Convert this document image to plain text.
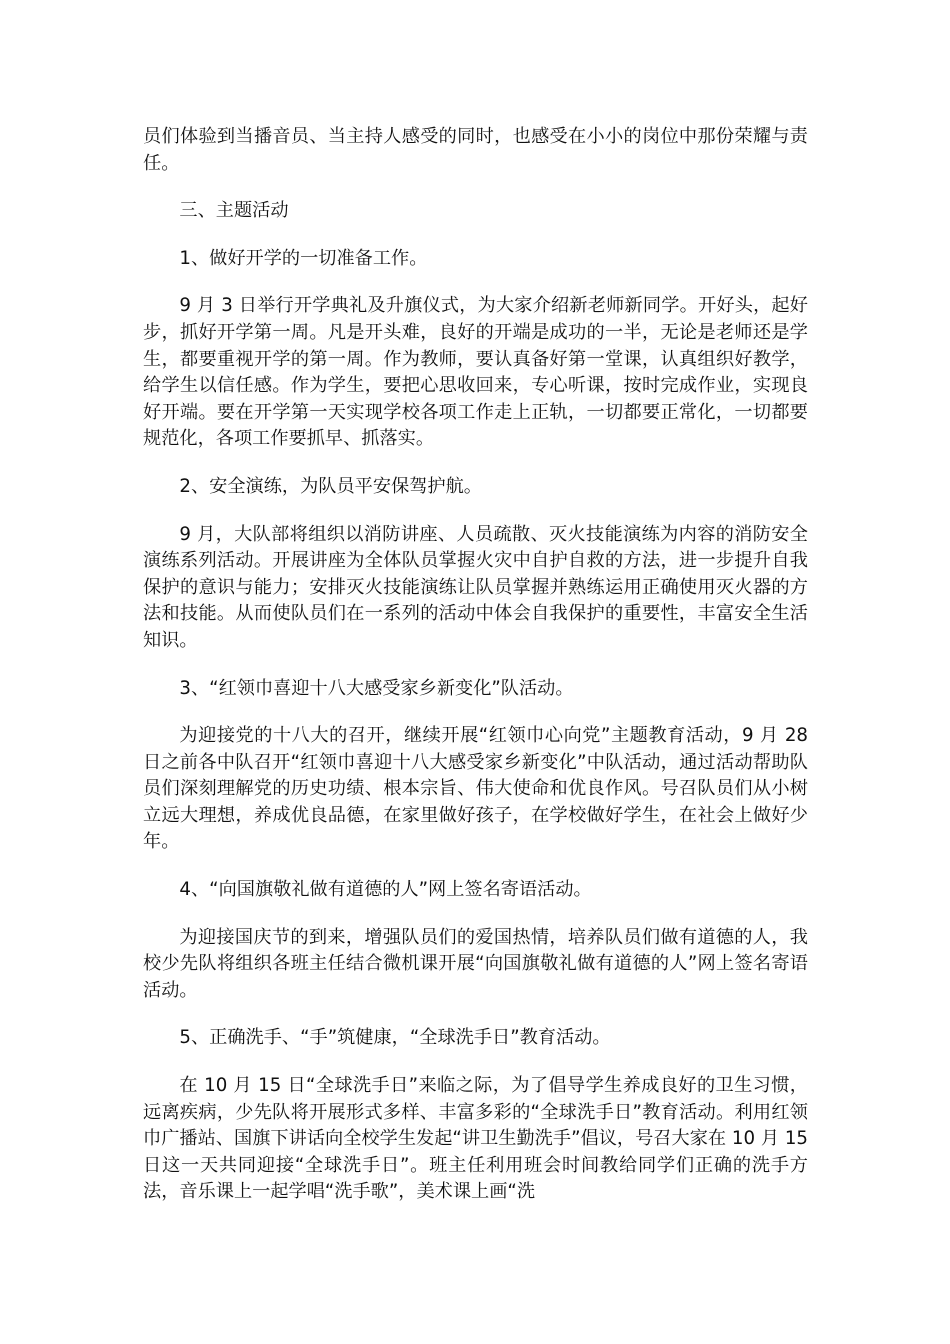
员们体验到当播音员、当主持人感受的同时，也感受在小小的岗位中那份荣耀与责任。

三、主题活动

1、做好开学的一切准备工作。

9 月 3 日举行开学典礼及升旗仪式，为大家介绍新老师新同学。开好头，起好步，抓好开学第一周。凡是开头难，良好的开端是成功的一半，无论是老师还是学生，都要重视开学的第一周。作为教师，要认真备好第一堂课，认真组织好教学，给学生以信任感。作为学生，要把心思收回来，专心听课，按时完成作业，实现良好开端。要在开学第一天实现学校各项工作走上正轨，一切都要正常化，一切都要规范化，各项工作要抓早、抓落实。

2、安全演练，为队员平安保驾护航。

9 月，大队部将组织以消防讲座、人员疏散、灭火技能演练为内容的消防安全演练系列活动。开展讲座为全体队员掌握火灾中自护自救的方法，进一步提升自我保护的意识与能力；安排灭火技能演练让队员掌握并熟练运用正确使用灭火器的方法和技能。从而使队员们在一系列的活动中体会自我保护的重要性，丰富安全生活知识。

3、“红领巾喜迎十八大感受家乡新变化”队活动。

为迎接党的十八大的召开，继续开展“红领巾心向党”主题教育活动，9 月 28 日之前各中队召开“红领巾喜迎十八大感受家乡新变化”中队活动，通过活动帮助队员们深刻理解党的历史功绩、根本宗旨、伟大使命和优良作风。号召队员们从小树立远大理想，养成优良品德，在家里做好孩子，在学校做好学生，在社会上做好少年。

4、“向国旗敬礼做有道德的人”网上签名寄语活动。

为迎接国庆节的到来，增强队员们的爱国热情，培养队员们做有道德的人，我校少先队将组织各班主任结合微机课开展“向国旗敬礼做有道德的人”网上签名寄语活动。

5、正确洗手、“手”筑健康，“全球洗手日”教育活动。

在 10 月 15 日“全球洗手日”来临之际，为了倡导学生养成良好的卫生习惯，远离疾病，少先队将开展形式多样、丰富多彩的“全球洗手日”教育活动。利用红领巾广播站、国旗下讲话向全校学生发起“讲卫生勤洗手”倡议，号召大家在 10 月 15 日这一天共同迎接“全球洗手日”。班主任利用班会时间教给同学们正确的洗手方法，音乐课上一起学唱“洗手歌”，美术课上画“洗
